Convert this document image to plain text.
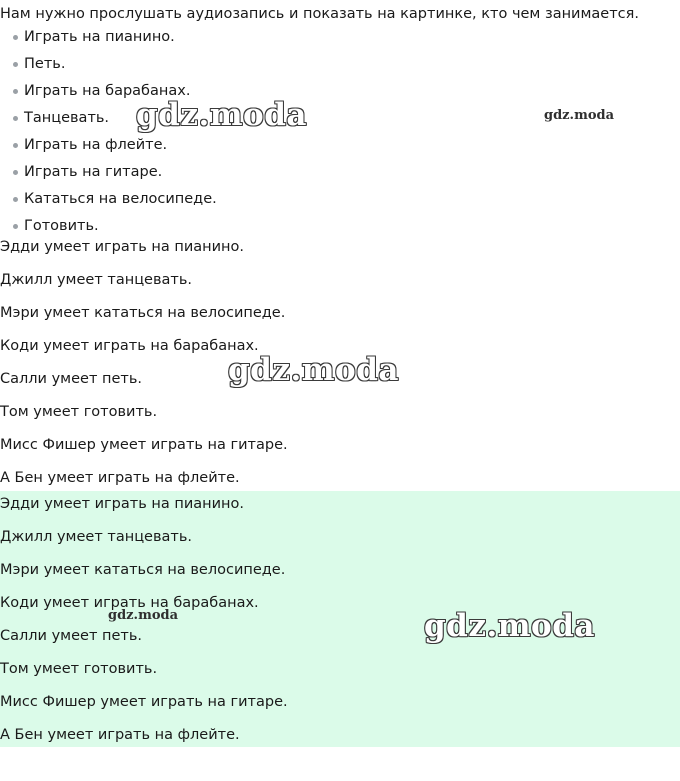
Нам нужно прослушать аудиозапись и показать на картинке, кто чем занимается.

Играть на пианино.
Петь.
Играть на барабанах.
Танцевать.
Играть на флейте.
Играть на гитаре.
Кататься на велосипеде.
Готовить.

Эдди умеет играть на пианино.

Джилл умеет танцевать.

Мэри умеет кататься на велосипеде.

Коди умеет играть на барабанах.

Салли умеет петь.

Том умеет готовить.

Мисс Фишер умеет играть на гитаре.

А Бен умеет играть на флейте.

Эдди умеет играть на пианино.

Джилл умеет танцевать.

Мэри умеет кататься на велосипеде.

Коди умеет играть на барабанах.

Салли умеет петь.

Том умеет готовить.

Мисс Фишер умеет играть на гитаре.

А Бен умеет играть на флейте.

gdz.moda	gdz.moda
gdz.moda
gdz.moda	gdz.moda
